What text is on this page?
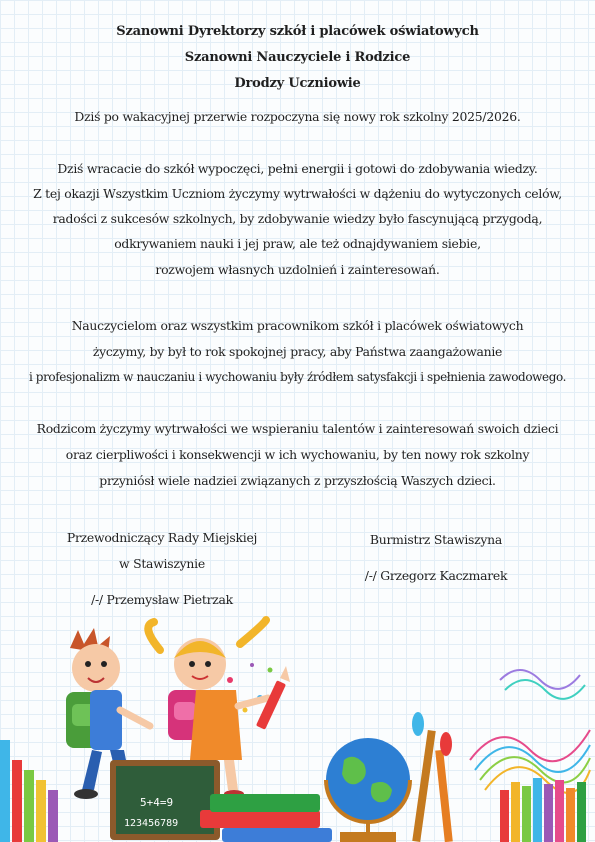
Szanowni Dyrektorzy szkół i placówek oświatowych
Szanowni Nauczyciele i Rodzice
Drodzy Uczniowie
Dziś po wakacyjnej przerwie rozpoczyna się nowy rok szkolny 2025/2026.
Dziś wracacie do szkół wypoczęci, pełni energii i gotowi do zdobywania wiedzy.
Z tej okazji Wszystkim Uczniom życzymy wytrwałości w dążeniu do wytyczonych celów,
radości z sukcesów szkolnych, by zdobywanie wiedzy było fascynującą przygodą,
odkrywaniem nauki i jej praw, ale też odnajdywaniem siebie,
rozwojem własnych uzdolnień i zainteresowań.
Nauczycielom oraz wszystkim pracownikom szkół i placówek oświatowych
życzymy, by był to rok spokojnej pracy, aby Państwa zaangażowanie
i profesjonalizm w nauczaniu i wychowaniu były źródłem satysfakcji i spełnienia zawodowego.
Rodzicom życzymy wytrwałości we wspieraniu talentów i zainteresowań swoich dzieci
oraz cierpliwości i konsekwencji w ich wychowaniu, by ten nowy rok szkolny
przyniósł wiele nadziei związanych z przyszłością Waszych dzieci.
Przewodniczący Rady Miejskiej
w Stawiszynie
/-/ Przemysław Pietrzak
Burmistrz Stawiszyna
/-/ Grzegorz Kaczmarek
5+4=9
123456789
